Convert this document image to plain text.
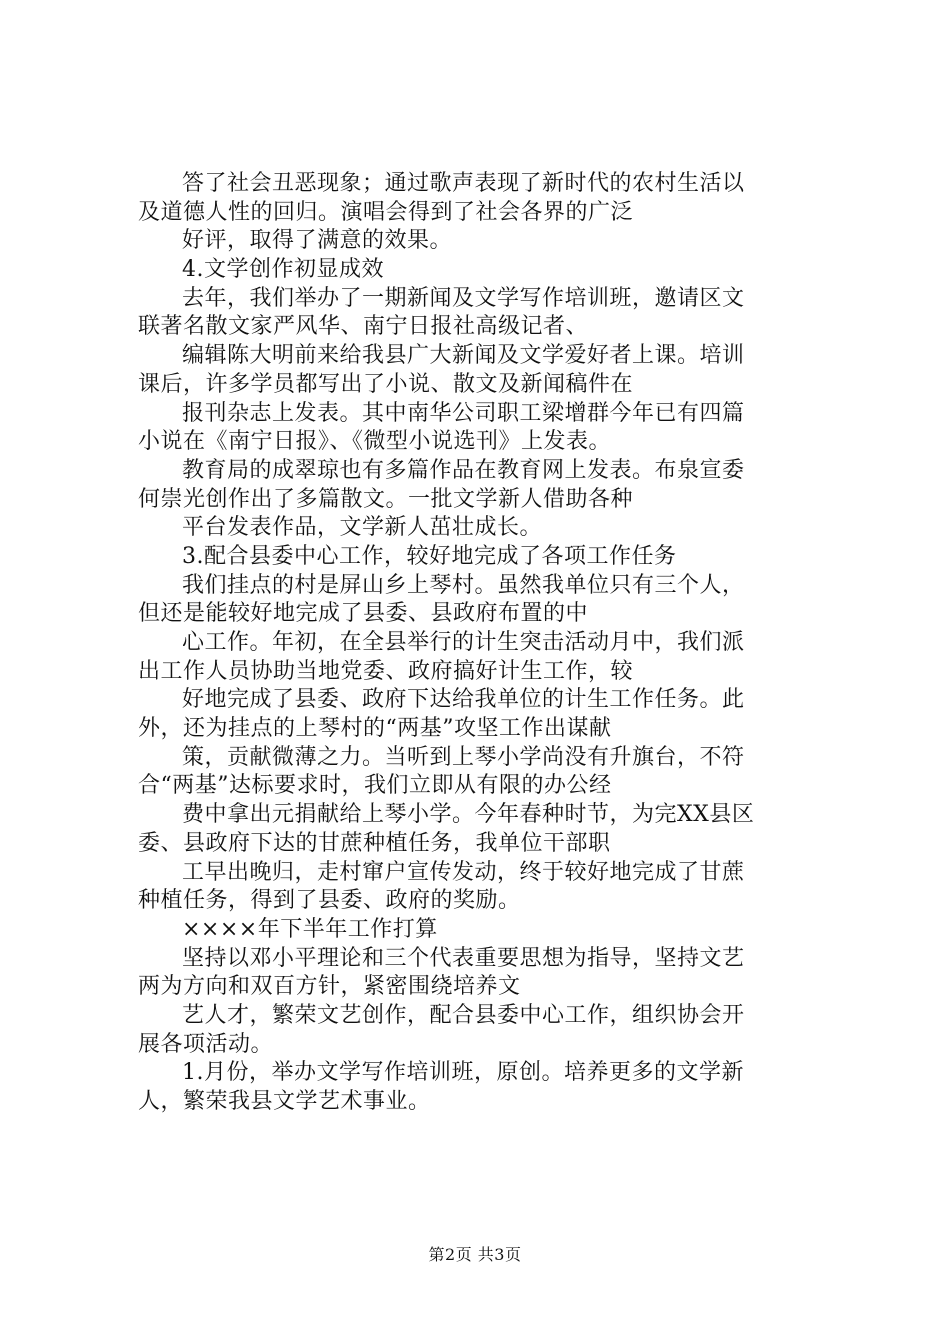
答了社会丑恶现象；通过歌声表现了新时代的农村生活以
及道德人性的回归。演唱会得到了社会各界的广泛
好评，取得了满意的效果。
4.文学创作初显成效
去年，我们举办了一期新闻及文学写作培训班，邀请区文
联著名散文家严风华、南宁日报社高级记者、
编辑陈大明前来给我县广大新闻及文学爱好者上课。培训
课后，许多学员都写出了小说、散文及新闻稿件在
报刊杂志上发表。其中南华公司职工梁增群今年已有四篇
小说在《南宁日报》、《微型小说选刊》上发表。
教育局的成翠琼也有多篇作品在教育网上发表。布泉宣委
何崇光创作出了多篇散文。一批文学新人借助各种
平台发表作品，文学新人茁壮成长。
3.配合县委中心工作，较好地完成了各项工作任务
我们挂点的村是屏山乡上琴村。虽然我单位只有三个人，
但还是能较好地完成了县委、县政府布置的中
心工作。年初，在全县举行的计生突击活动月中，我们派
出工作人员协助当地党委、政府搞好计生工作，较
好地完成了县委、政府下达给我单位的计生工作任务。此
外，还为挂点的上琴村的“两基”攻坚工作出谋献
策，贡献微薄之力。当听到上琴小学尚没有升旗台，不符
合“两基”达标要求时，我们立即从有限的办公经
费中拿出元捐献给上琴小学。今年春种时节，为完XX县区
委、县政府下达的甘蔗种植任务，我单位干部职
工早出晚归，走村窜户宣传发动，终于较好地完成了甘蔗
种植任务，得到了县委、政府的奖励。
××××年下半年工作打算
坚持以邓小平理论和三个代表重要思想为指导，坚持文艺
两为方向和双百方针，紧密围绕培养文
艺人才，繁荣文艺创作，配合县委中心工作，组织协会开
展各项活动。
1.月份，举办文学写作培训班，原创。培养更多的文学新
人，繁荣我县文学艺术事业。
第2页 共3页
